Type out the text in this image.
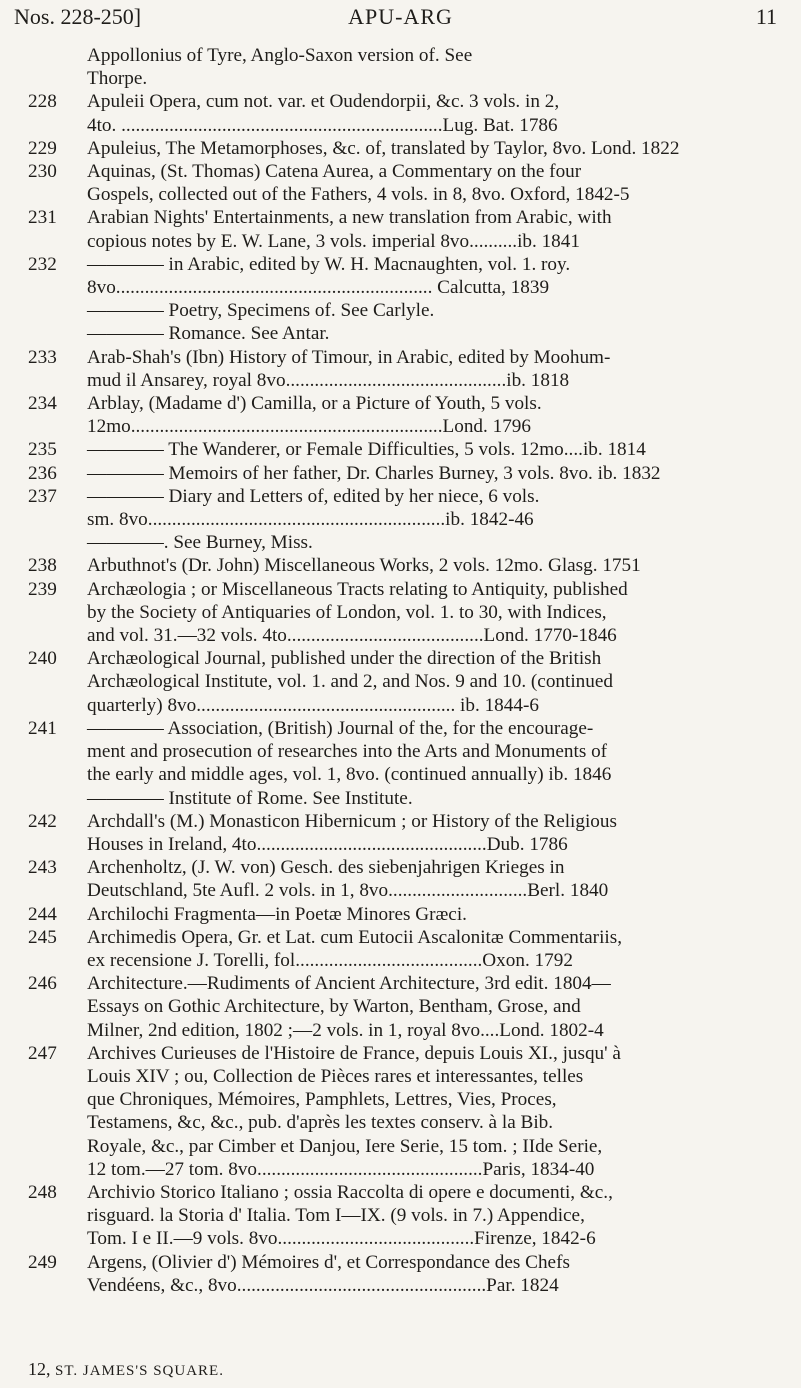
Nos. 228-250]	APU-ARG	11
Appollonius of Tyre, Anglo-Saxon version of. See
Thorpe.
228 Apuleii Opera, cum not. var. et Oudendorpii, &c. 3 vols. in 2,
4to. ...................................................................Lug. Bat. 1786
229 Apuleius, The Metamorphoses, &c. of, translated by Taylor, 8vo. Lond. 1822
230 Aquinas, (St. Thomas) Catena Aurea, a Commentary on the four
Gospels, collected out of the Fathers, 4 vols. in 8, 8vo. Oxford, 1842-5
231 Arabian Nights' Entertainments, a new translation from Arabic, with
copious notes by E. W. Lane, 3 vols. imperial 8vo..........ib. 1841
232 ———— in Arabic, edited by W. H. Macnaughten, vol. 1. roy.
8vo.................................................................. Calcutta, 1839
———— Poetry, Specimens of. See Carlyle.
———— Romance. See Antar.
233 Arab-Shah's (Ibn) History of Timour, in Arabic, edited by Moohum-
mud il Ansarey, royal 8vo..............................................ib. 1818
234 Arblay, (Madame d') Camilla, or a Picture of Youth, 5 vols.
12mo.................................................................Lond. 1796
235 ———— The Wanderer, or Female Difficulties, 5 vols. 12mo....ib. 1814
236 ———— Memoirs of her father, Dr. Charles Burney, 3 vols. 8vo. ib. 1832
237 ———— Diary and Letters of, edited by her niece, 6 vols.
sm. 8vo..............................................................ib. 1842-46
————. See Burney, Miss.
238 Arbuthnot's (Dr. John) Miscellaneous Works, 2 vols. 12mo. Glasg. 1751
239 Archæologia ; or Miscellaneous Tracts relating to Antiquity, published
by the Society of Antiquaries of London, vol. 1. to 30, with Indices,
and vol. 31.—32 vols. 4to.........................................Lond. 1770-1846
240 Archæological Journal, published under the direction of the British
Archæological Institute, vol. 1. and 2, and Nos. 9 and 10. (continued
quarterly) 8vo...................................................... ib. 1844-6
241 ———— Association, (British) Journal of the, for the encourage-
ment and prosecution of researches into the Arts and Monuments of
the early and middle ages, vol. 1, 8vo. (continued annually) ib. 1846
———— Institute of Rome. See Institute.
242 Archdall's (M.) Monasticon Hibernicum ; or History of the Religious
Houses in Ireland, 4to................................................Dub. 1786
243 Archenholtz, (J. W. von) Gesch. des siebenjahrigen Krieges in
Deutschland, 5te Aufl. 2 vols. in 1, 8vo.............................Berl. 1840
244 Archilochi Fragmenta—in Poetæ Minores Græci.
245 Archimedis Opera, Gr. et Lat. cum Eutocii Ascalonitæ Commentariis,
ex recensione J. Torelli, fol.......................................Oxon. 1792
246 Architecture.—Rudiments of Ancient Architecture, 3rd edit. 1804—
Essays on Gothic Architecture, by Warton, Bentham, Grose, and
Milner, 2nd edition, 1802 ;—2 vols. in 1, royal 8vo....Lond. 1802-4
247 Archives Curieuses de l'Histoire de France, depuis Louis XI., jusqu' à
Louis XIV ; ou, Collection de Pièces rares et interessantes, telles
que Chroniques, Mémoires, Pamphlets, Lettres, Vies, Proces,
Testamens, &c, &c., pub. d'après les textes conserv. à la Bib.
Royale, &c., par Cimber et Danjou, Iere Serie, 15 tom. ; IIde Serie,
12 tom.—27 tom. 8vo...............................................Paris, 1834-40
248 Archivio Storico Italiano ; ossia Raccolta di opere e documenti, &c.,
risguard. la Storia d' Italia. Tom I—IX. (9 vols. in 7.) Appendice,
Tom. I e II.—9 vols. 8vo.........................................Firenze, 1842-6
249 Argens, (Olivier d') Mémoires d', et Correspondance des Chefs
Vendéens, &c., 8vo....................................................Par. 1824
12, ST. JAMES'S SQUARE.
